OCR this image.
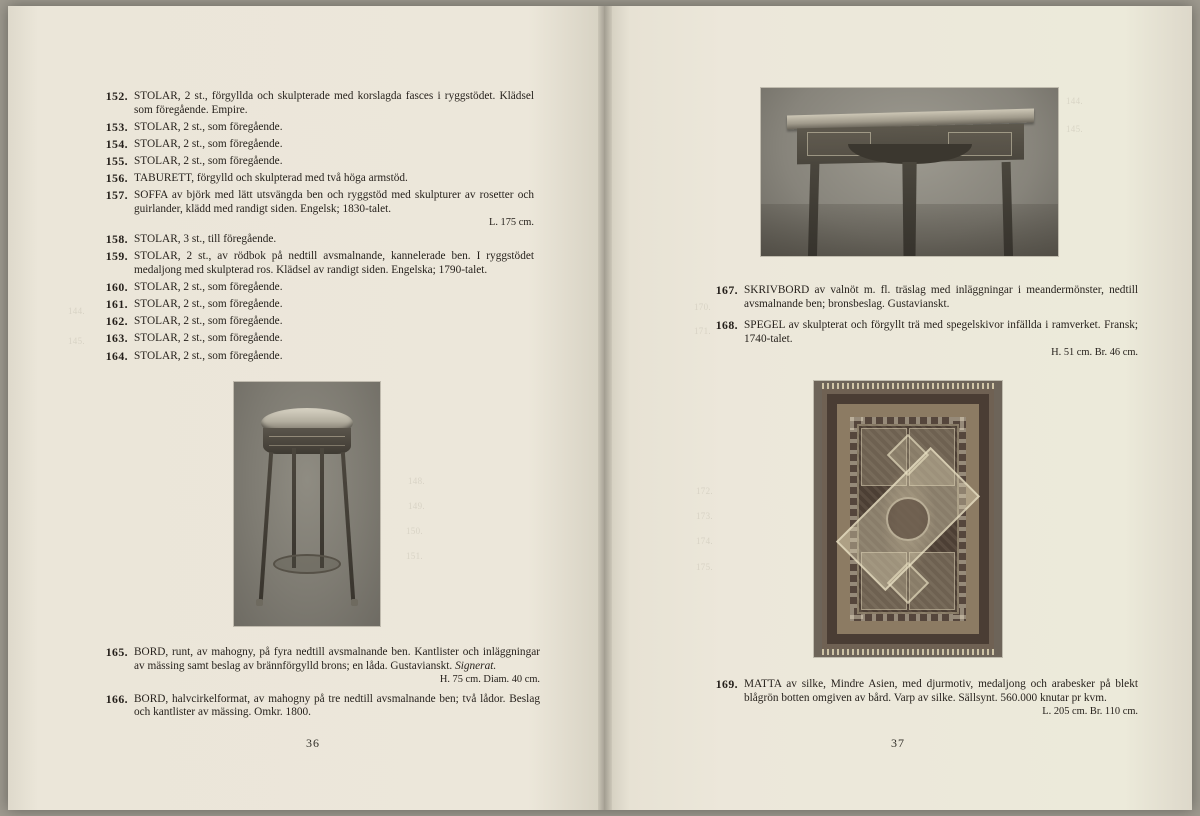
144.
145.
148.
149.
150.
151.
152. STOLAR, 2 st., förgyllda och skulpterade med korslagda fasces i ryggstödet. Klädsel som föregående. Empire.
153. STOLAR, 2 st., som föregående.
154. STOLAR, 2 st., som föregående.
155. STOLAR, 2 st., som föregående.
156. TABURETT, förgylld och skulpterad med två höga armstöd.
157. SOFFA av björk med lätt utsvängda ben och ryggstöd med skulpturer av rosetter och guirlander, klädd med randigt siden. Engelsk; 1830-talet.
L. 175 cm.
158. STOLAR, 3 st., till föregående.
159. STOLAR, 2 st., av rödbok på nedtill avsmalnande, kannelerade ben. I ryggstödet medaljong med skulpterad ros. Klädsel av randigt siden. Engelska; 1790-talet.
160. STOLAR, 2 st., som föregående.
161. STOLAR, 2 st., som föregående.
162. STOLAR, 2 st., som föregående.
163. STOLAR, 2 st., som föregående.
164. STOLAR, 2 st., som föregående.
165. BORD, runt, av mahogny, på fyra nedtill avsmalnande ben. Kantlister och inläggningar av mässing samt beslag av brännförgylld brons; en låda. Gustavianskt. Signerat.
H. 75 cm. Diam. 40 cm.
166. BORD, halvcirkelformat, av mahogny på tre nedtill avsmalnande ben; två lådor. Beslag och kantlister av mässing. Omkr. 1800.
36
170.
171.
172.
173.
174.
175.
144.
145.
167. SKRIVBORD av valnöt m. fl. träslag med inläggningar i meandermönster, nedtill avsmalnande ben; bronsbeslag. Gustavianskt.
168. SPEGEL av skulpterat och förgyllt trä med spegelskivor infällda i ramverket. Fransk; 1740-talet.
H. 51 cm. Br. 46 cm.
169. MATTA av silke, Mindre Asien, med djurmotiv, medaljong och arabesker på blekt blågrön botten omgiven av bård. Varp av silke. Sällsynt. 560.000 knutar pr kvm.
L. 205 cm. Br. 110 cm.
37
